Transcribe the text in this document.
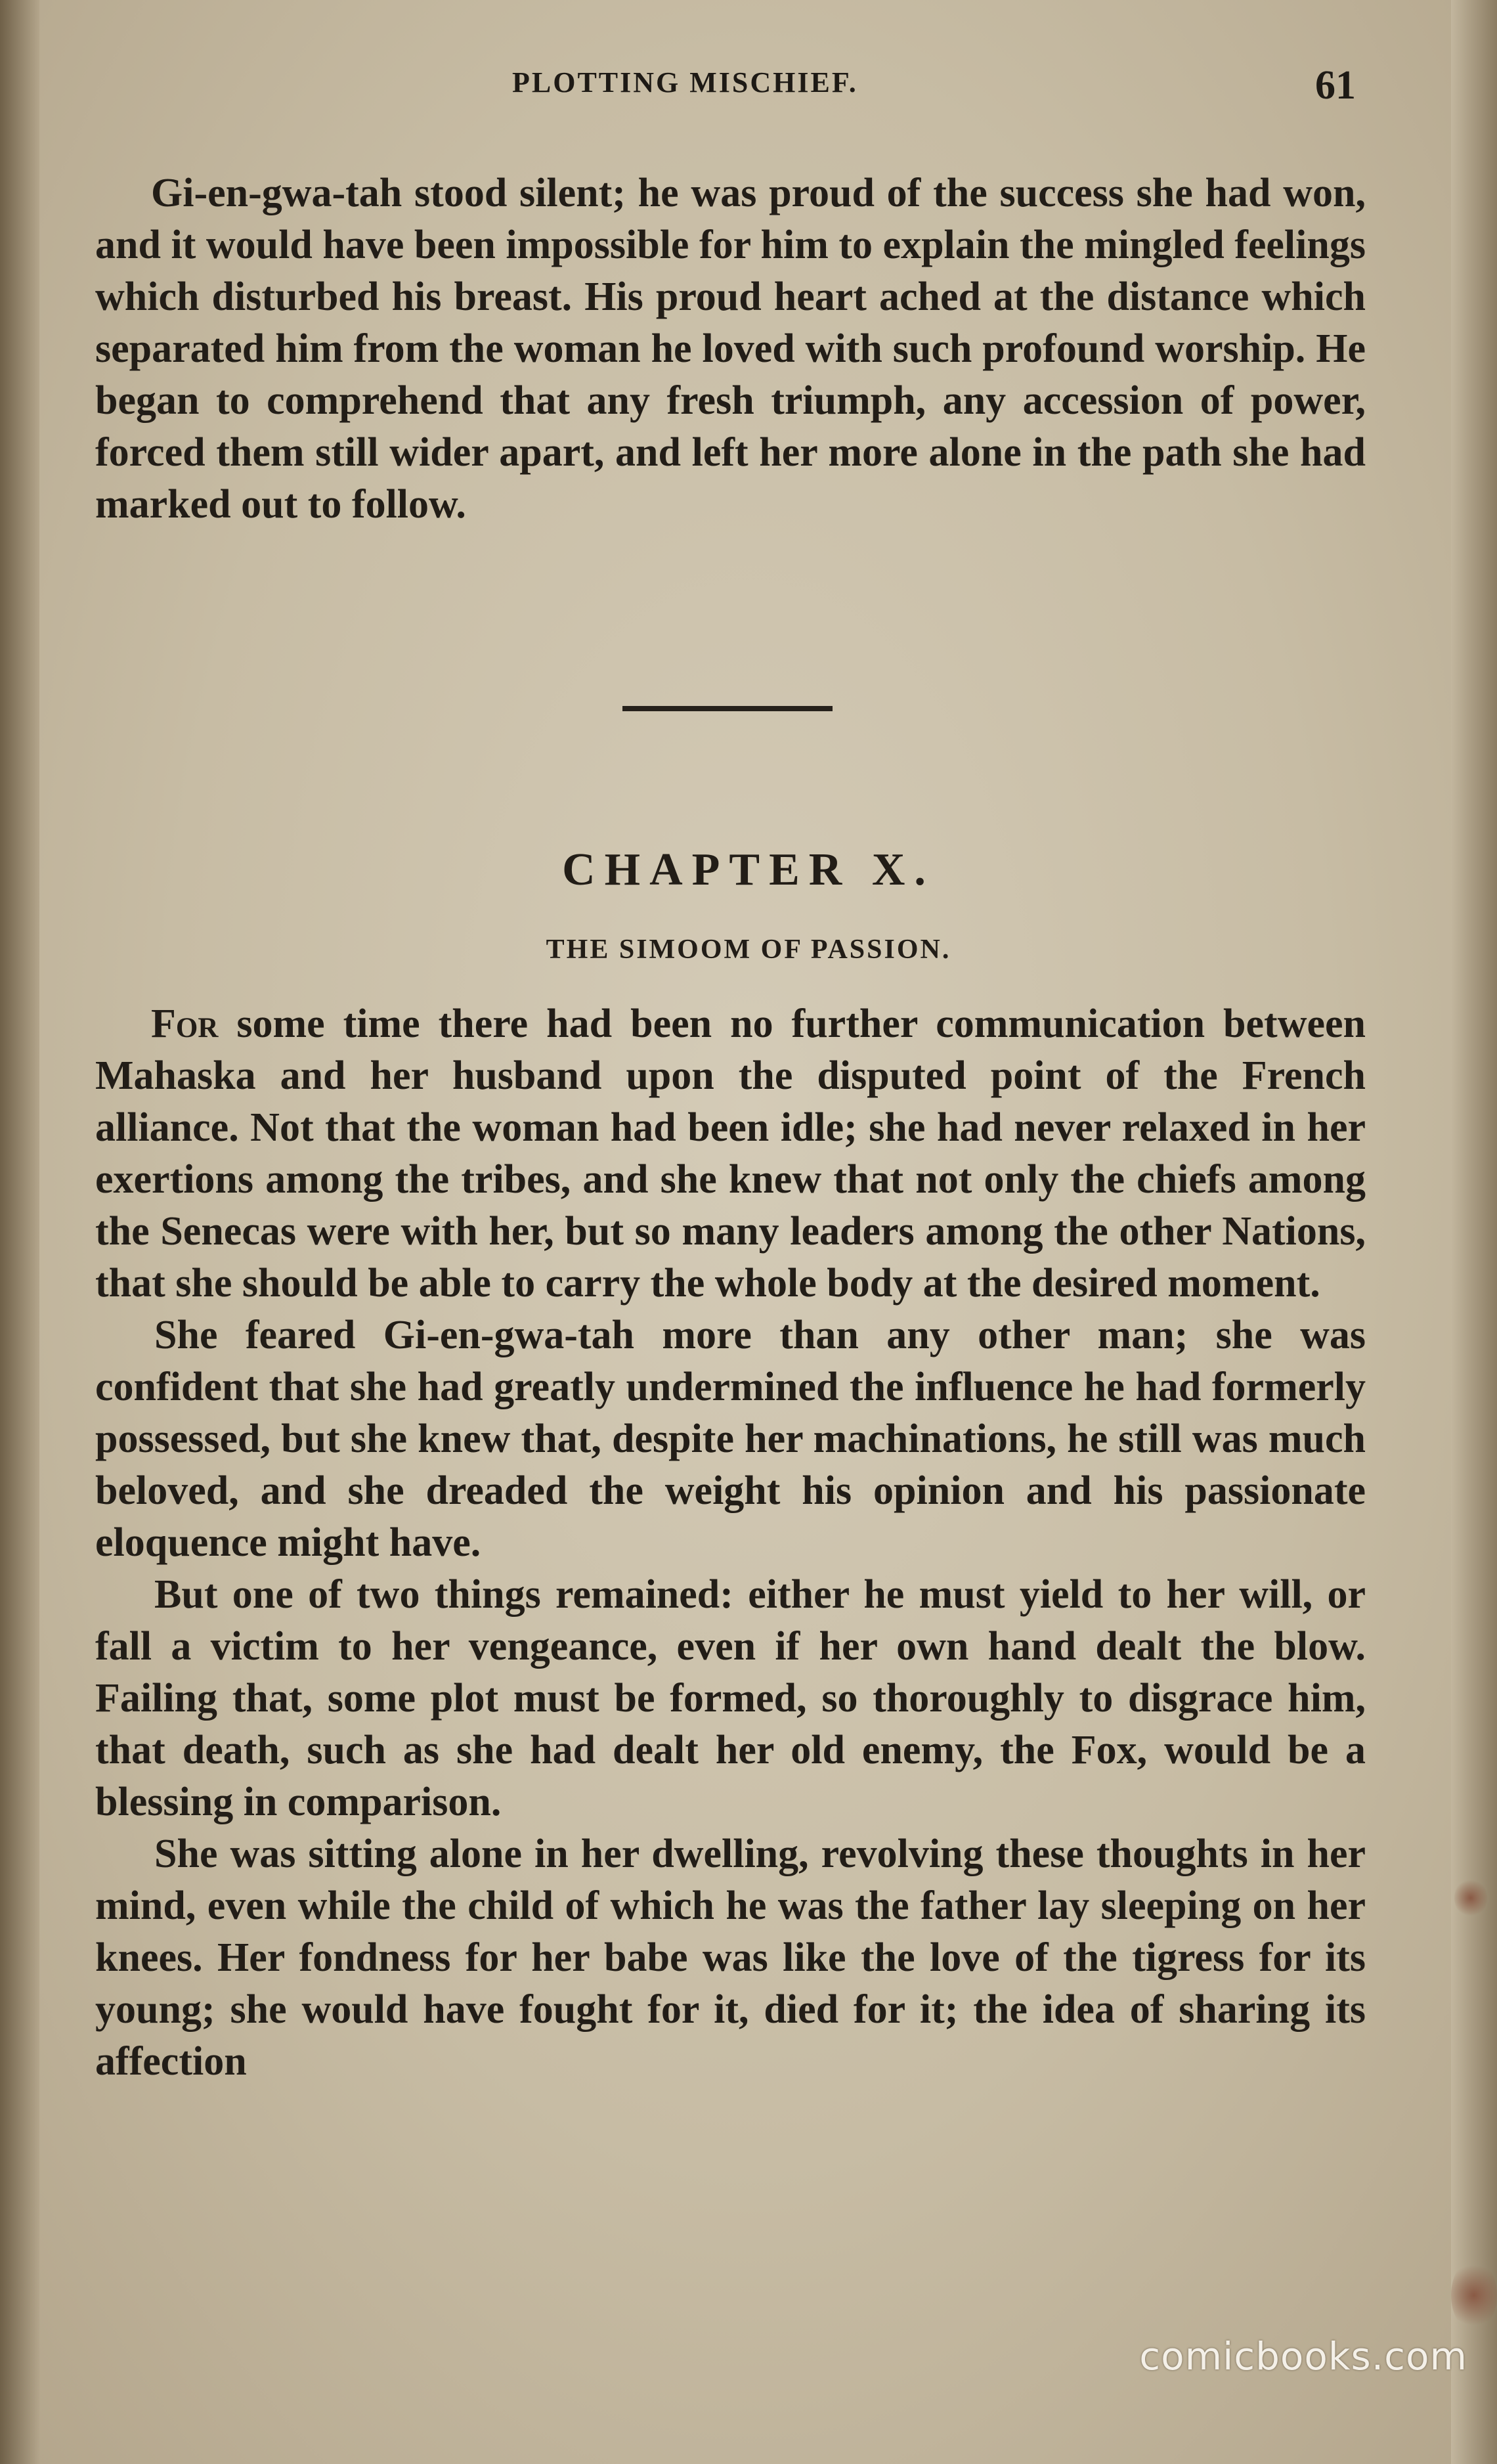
PLOTTING MISCHIEF.	61

Gi-en-gwa-tah stood silent; he was proud of the success she had won, and it would have been impossible for him to explain the mingled feelings which disturbed his breast. His proud heart ached at the distance which separated him from the woman he loved with such profound worship. He began to comprehend that any fresh triumph, any accession of power, forced them still wider apart, and left her more alone in the path she had marked out to follow.

CHAPTER X.
THE SIMOOM OF PASSION.

For some time there had been no further communication between Mahaska and her husband upon the disputed point of the French alliance. Not that the woman had been idle; she had never relaxed in her exertions among the tribes, and she knew that not only the chiefs among the Senecas were with her, but so many leaders among the other Nations, that she should be able to carry the whole body at the desired moment.

She feared Gi-en-gwa-tah more than any other man; she was confident that she had greatly undermined the influence he had formerly possessed, but she knew that, despite her machinations, he still was much beloved, and she dreaded the weight his opinion and his passionate eloquence might have.

But one of two things remained: either he must yield to her will, or fall a victim to her vengeance, even if her own hand dealt the blow. Failing that, some plot must be formed, so thoroughly to disgrace him, that death, such as she had dealt her old enemy, the Fox, would be a blessing in comparison.

She was sitting alone in her dwelling, revolving these thoughts in her mind, even while the child of which he was the father lay sleeping on her knees. Her fondness for her babe was like the love of the tigress for its young; she would have fought for it, died for it; the idea of sharing its affection

comicbooks.com
